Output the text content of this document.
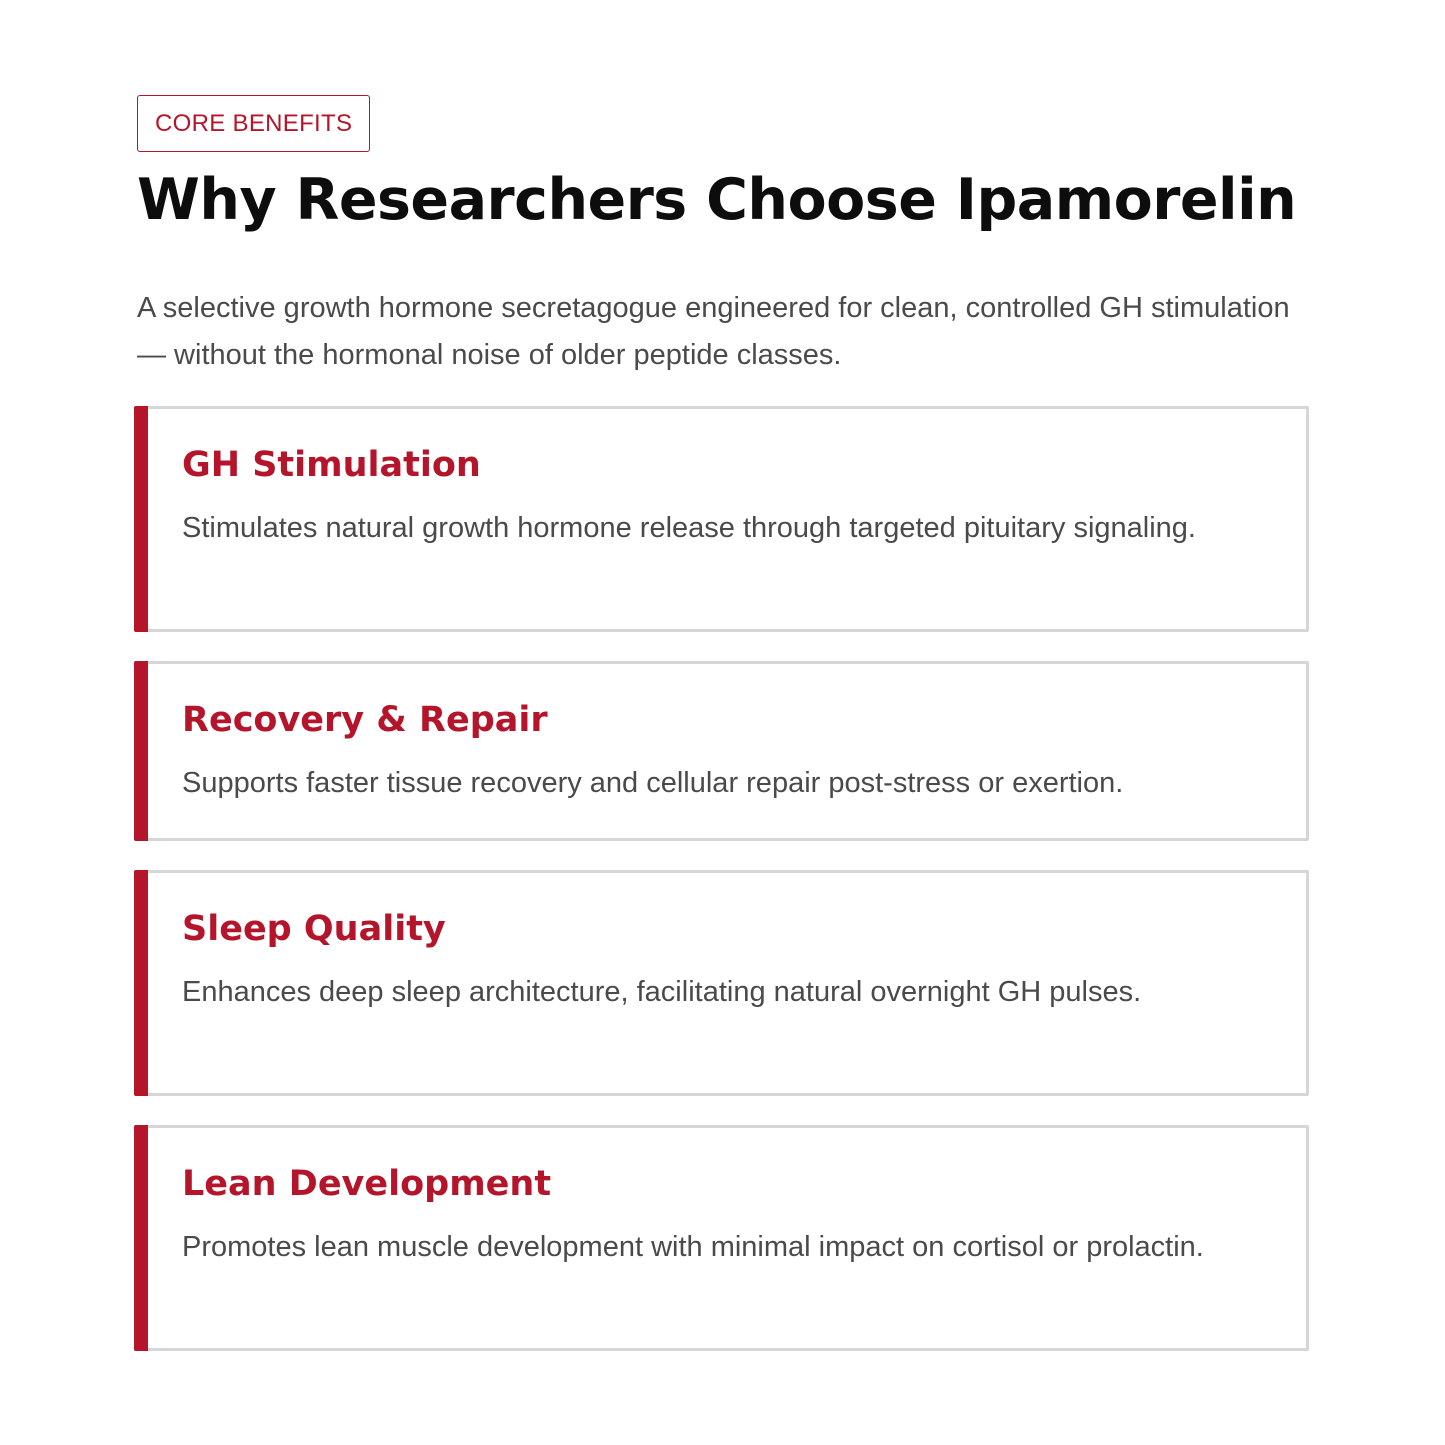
CORE BENEFITS
Why Researchers Choose Ipamorelin

A selective growth hormone secretagogue engineered for clean, controlled GH stimulation — without the hormonal noise of older peptide classes.

GH Stimulation

Stimulates natural growth hormone release through targeted pituitary signaling.

Recovery & Repair

Supports faster tissue recovery and cellular repair post-stress or exertion.

Sleep Quality

Enhances deep sleep architecture, facilitating natural overnight GH pulses.

Lean Development

Promotes lean muscle development with minimal impact on cortisol or prolactin.
